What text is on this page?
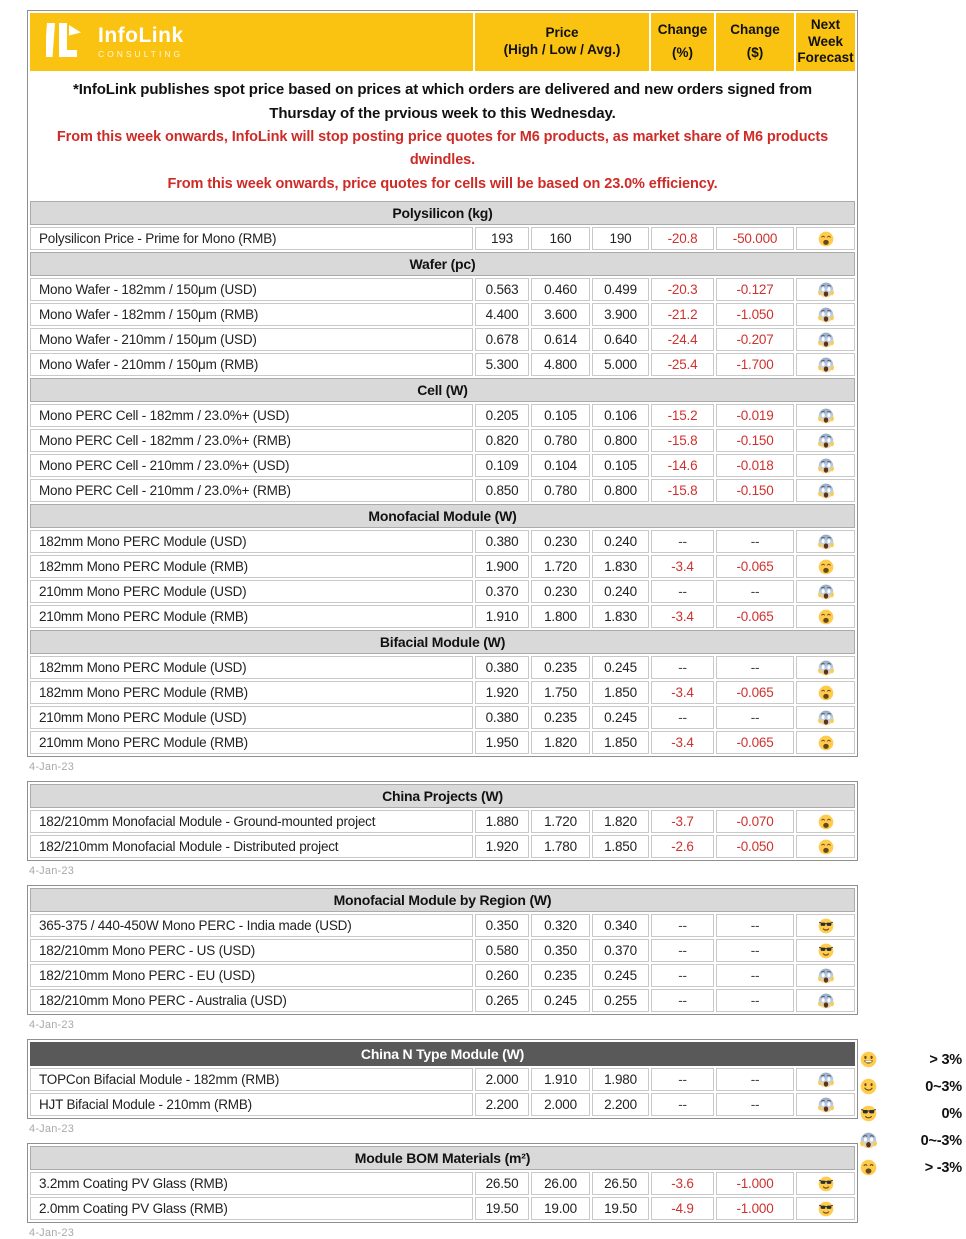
InfoLink
CONSULTING
Price
(High / Low / Avg.)
Change
(%)
Change
($)
Next Week
Forecast
*InfoLink publishes spot price based on prices at which orders are delivered and new orders signed from Thursday of the prvious week to this Wednesday.
From this week onwards, InfoLink will stop posting price quotes for M6 products, as market share of M6 products dwindles.
From this week onwards, price quotes for cells will be based on 23.0% efficiency.
Polysilicon (kg)
Polysilicon Price - Prime for Mono (RMB)	193	160	190	-20.8	-50.000
Wafer (pc)
Mono Wafer - 182mm / 150μm (USD)	0.563	0.460	0.499	-20.3	-0.127
Mono Wafer - 182mm / 150μm (RMB)	4.400	3.600	3.900	-21.2	-1.050
Mono Wafer - 210mm / 150μm (USD)	0.678	0.614	0.640	-24.4	-0.207
Mono Wafer - 210mm / 150μm (RMB)	5.300	4.800	5.000	-25.4	-1.700
Cell (W)
Mono PERC Cell - 182mm / 23.0%+ (USD)	0.205	0.105	0.106	-15.2	-0.019
Mono PERC Cell - 182mm / 23.0%+ (RMB)	0.820	0.780	0.800	-15.8	-0.150
Mono PERC Cell - 210mm / 23.0%+ (USD)	0.109	0.104	0.105	-14.6	-0.018
Mono PERC Cell - 210mm / 23.0%+ (RMB)	0.850	0.780	0.800	-15.8	-0.150
Monofacial Module (W)
182mm Mono PERC Module (USD)	0.380	0.230	0.240	--	--
182mm Mono PERC Module (RMB)	1.900	1.720	1.830	-3.4	-0.065
210mm Mono PERC Module (USD)	0.370	0.230	0.240	--	--
210mm Mono PERC Module (RMB)	1.910	1.800	1.830	-3.4	-0.065
Bifacial Module (W)
182mm Mono PERC Module (USD)	0.380	0.235	0.245	--	--
182mm Mono PERC Module (RMB)	1.920	1.750	1.850	-3.4	-0.065
210mm Mono PERC Module (USD)	0.380	0.235	0.245	--	--
210mm Mono PERC Module (RMB)	1.950	1.820	1.850	-3.4	-0.065
4-Jan-23
China Projects (W)
182/210mm Monofacial Module - Ground-mounted project	1.880	1.720	1.820	-3.7	-0.070
182/210mm Monofacial Module - Distributed project	1.920	1.780	1.850	-2.6	-0.050
4-Jan-23
Monofacial Module by Region (W)
365-375 / 440-450W Mono PERC - India made (USD)	0.350	0.320	0.340	--	--
182/210mm Mono PERC - US (USD)	0.580	0.350	0.370	--	--
182/210mm Mono PERC - EU (USD)	0.260	0.235	0.245	--	--
182/210mm Mono PERC - Australia (USD)	0.265	0.245	0.255	--	--
4-Jan-23
China N Type Module (W)
TOPCon Bifacial Module - 182mm (RMB)	2.000	1.910	1.980	--	--
HJT Bifacial Module - 210mm (RMB)	2.200	2.000	2.200	--	--
4-Jan-23
Module BOM Materials (m²)
3.2mm Coating PV Glass (RMB)	26.50	26.00	26.50	-3.6	-1.000
2.0mm Coating PV Glass (RMB)	19.50	19.00	19.50	-4.9	-1.000
4-Jan-23
> 3%
0~3%
0%
0~-3%
> -3%
